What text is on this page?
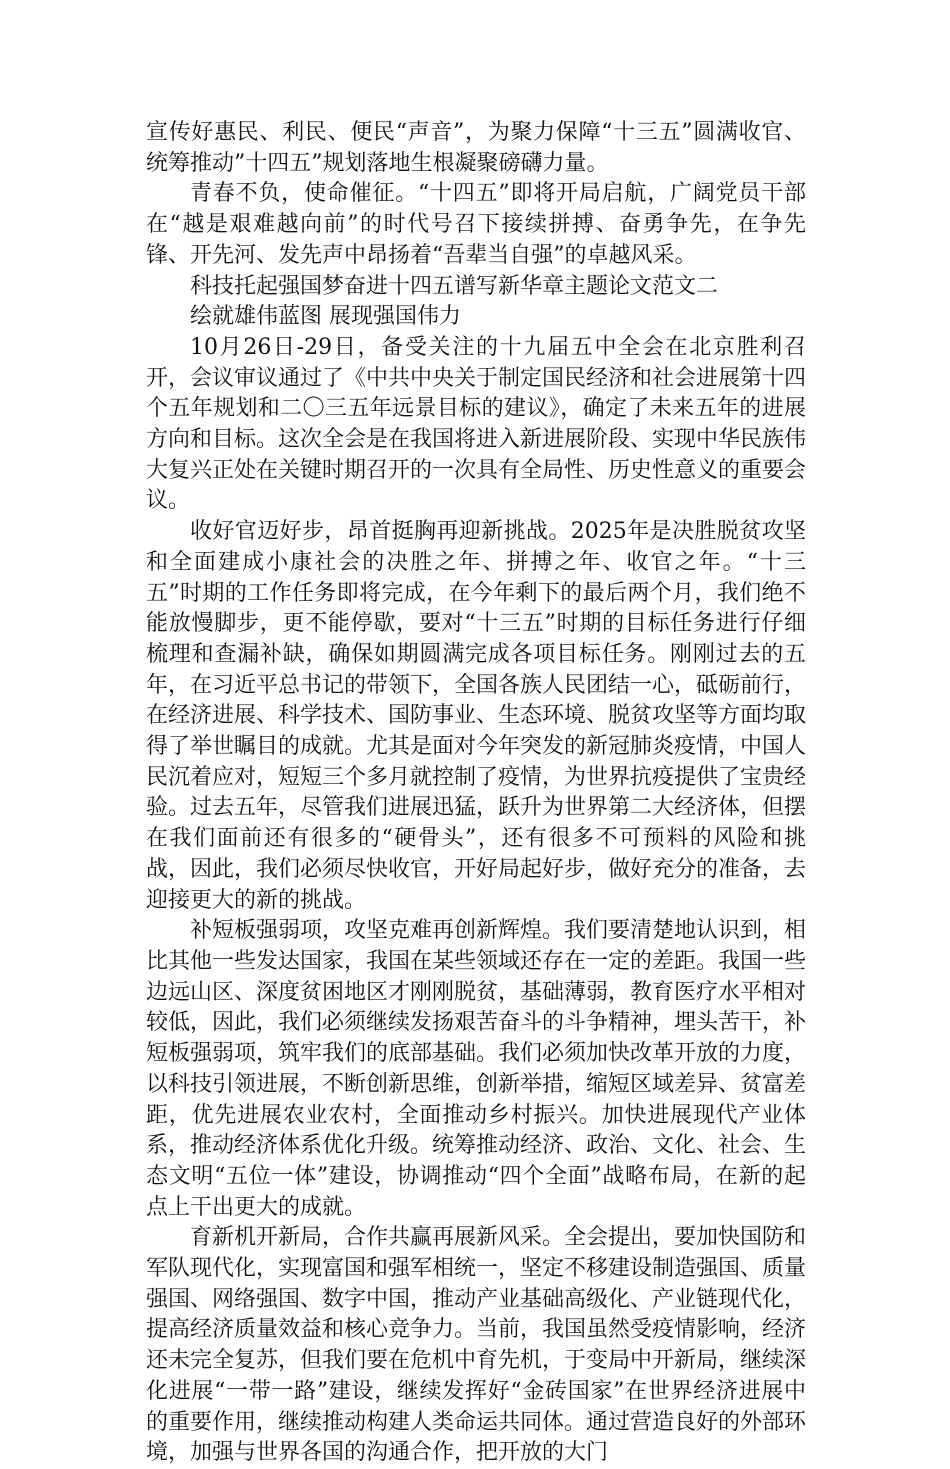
宣传好惠民、利民、便民“声音”，为聚力保障“十三五”圆满收官、统筹推动”十四五”规划落地生根凝聚磅礴力量。

青春不负，使命催征。“十四五”即将开局启航，广阔党员干部在“越是艰难越向前”的时代号召下接续拼搏、奋勇争先，在争先锋、开先河、发先声中昂扬着“吾辈当自强”的卓越风采。

科技托起强国梦奋进十四五谱写新华章主题论文范文二

绘就雄伟蓝图 展现强国伟力

10月26日-29日，备受关注的十九届五中全会在北京胜利召开，会议审议通过了《中共中央关于制定国民经济和社会进展第十四个五年规划和二〇三五年远景目标的建议》，确定了未来五年的进展方向和目标。这次全会是在我国将进入新进展阶段、实现中华民族伟大复兴正处在关键时期召开的一次具有全局性、历史性意义的重要会议。

收好官迈好步，昂首挺胸再迎新挑战。2025年是决胜脱贫攻坚和全面建成小康社会的决胜之年、拼搏之年、收官之年。“十三五”时期的工作任务即将完成，在今年剩下的最后两个月，我们绝不能放慢脚步，更不能停歇，要对“十三五”时期的目标任务进行仔细梳理和查漏补缺，确保如期圆满完成各项目标任务。刚刚过去的五年，在习近平总书记的带领下，全国各族人民团结一心，砥砺前行，在经济进展、科学技术、国防事业、生态环境、脱贫攻坚等方面均取得了举世瞩目的成就。尤其是面对今年突发的新冠肺炎疫情，中国人民沉着应对，短短三个多月就控制了疫情，为世界抗疫提供了宝贵经验。过去五年，尽管我们进展迅猛，跃升为世界第二大经济体，但摆在我们面前还有很多的“硬骨头”，还有很多不可预料的风险和挑战，因此，我们必须尽快收官，开好局起好步，做好充分的准备，去迎接更大的新的挑战。

补短板强弱项，攻坚克难再创新辉煌。我们要清楚地认识到，相比其他一些发达国家，我国在某些领域还存在一定的差距。我国一些边远山区、深度贫困地区才刚刚脱贫，基础薄弱，教育医疗水平相对较低，因此，我们必须继续发扬艰苦奋斗的斗争精神，埋头苦干，补短板强弱项，筑牢我们的底部基础。我们必须加快改革开放的力度，以科技引领进展，不断创新思维，创新举措，缩短区域差异、贫富差距，优先进展农业农村，全面推动乡村振兴。加快进展现代产业体系，推动经济体系优化升级。统筹推动经济、政治、文化、社会、生态文明“五位一体”建设，协调推动“四个全面”战略布局，在新的起点上干出更大的成就。

育新机开新局，合作共赢再展新风采。全会提出，要加快国防和军队现代化，实现富国和强军相统一，坚定不移建设制造强国、质量强国、网络强国、数字中国，推动产业基础高级化、产业链现代化，提高经济质量效益和核心竞争力。当前，我国虽然受疫情影响，经济还未完全复苏，但我们要在危机中育先机，于变局中开新局，继续深化进展“一带一路”建设，继续发挥好“金砖国家”在世界经济进展中的重要作用，继续推动构建人类命运共同体。通过营造良好的外部环境，加强与世界各国的沟通合作，把开放的大门
